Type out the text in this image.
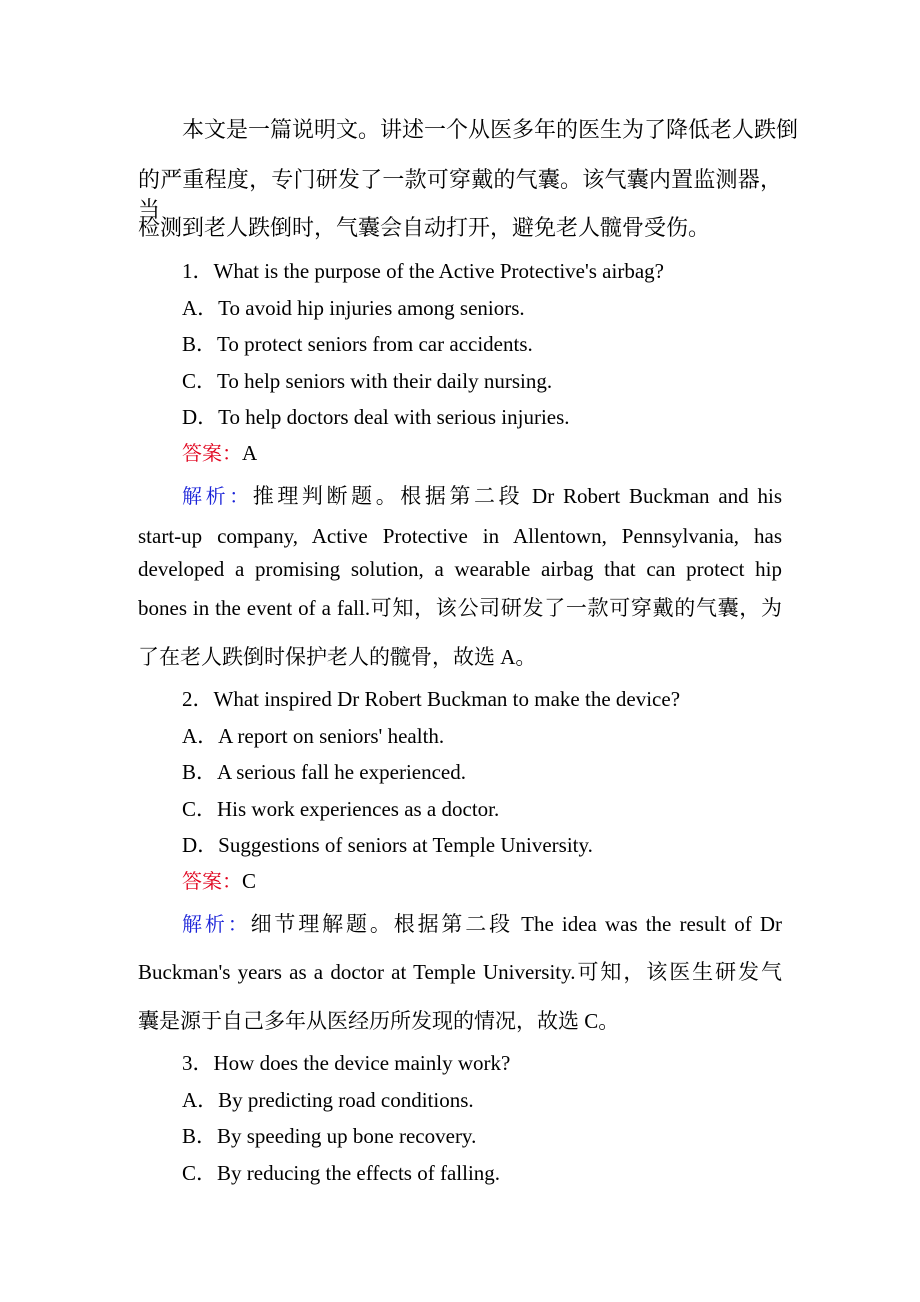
本文是一篇说明文。讲述一个从医多年的医生为了降低老人跌倒
的严重程度，专门研发了一款可穿戴的气囊。该气囊内置监测器，当
检测到老人跌倒时，气囊会自动打开，避免老人髋骨受伤。
1．What is the purpose of the Active Protective's airbag?
A．To avoid hip injuries among seniors.
B．To protect seniors from car accidents.
C．To help seniors with their daily nursing.
D．To help doctors deal with serious injuries.
答案：A
解析：推理判断题。根据第二段 Dr Robert Buckman and his
start-up company, Active Protective in Allentown, Pennsylvania, has
developed a promising solution, a wearable airbag that can protect hip
bones in the event of a fall.可知，该公司研发了一款可穿戴的气囊，为
了在老人跌倒时保护老人的髋骨，故选 A。
2．What inspired Dr Robert Buckman to make the device?
A．A report on seniors' health.
B．A serious fall he experienced.
C．His work experiences as a doctor.
D．Suggestions of seniors at Temple University.
答案：C
解析：细节理解题。根据第二段 The idea was the result of Dr
Buckman's years as a doctor at Temple University.可知，该医生研发气
囊是源于自己多年从医经历所发现的情况，故选 C。
3．How does the device mainly work?
A．By predicting road conditions.
B．By speeding up bone recovery.
C．By reducing the effects of falling.
